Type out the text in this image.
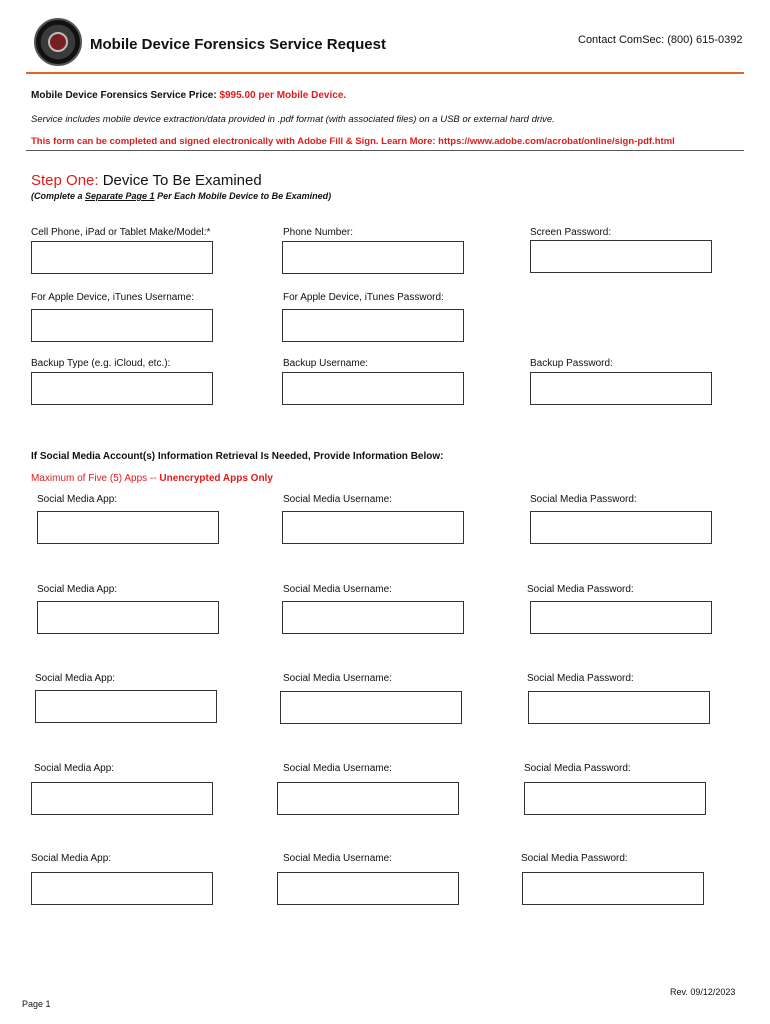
Mobile Device Forensics Service Request	Contact ComSec: (800) 615-0392
Mobile Device Forensics Service Price: $995.00 per Mobile Device.
Service includes mobile device extraction/data provided in .pdf format (with associated files) on a USB or external hard drive.
This form can be completed and signed electronically with Adobe Fill & Sign. Learn More: https://www.adobe.com/acrobat/online/sign-pdf.html
Step One: Device To Be Examined
(Complete a Separate Page 1 Per Each Mobile Device to Be Examined)
Cell Phone, iPad or Tablet Make/Model:*	Phone Number:	Screen Password:
For Apple Device, iTunes Username:	For Apple Device, iTunes Password:
Backup Type (e.g. iCloud, etc.):	Backup Username:	Backup Password:
If Social Media Account(s) Information Retrieval Is Needed, Provide Information Below:
Maximum of Five (5) Apps -- Unencrypted Apps Only
Social Media App:	Social Media Username:	Social Media Password:
Social Media App:	Social Media Username:	Social Media Password:
Social Media App:	Social Media Username:	Social Media Password:
Social Media App:	Social Media Username:	Social Media Password:
Social Media App:	Social Media Username:	Social Media Password:
Rev. 09/12/2023
Page 1
